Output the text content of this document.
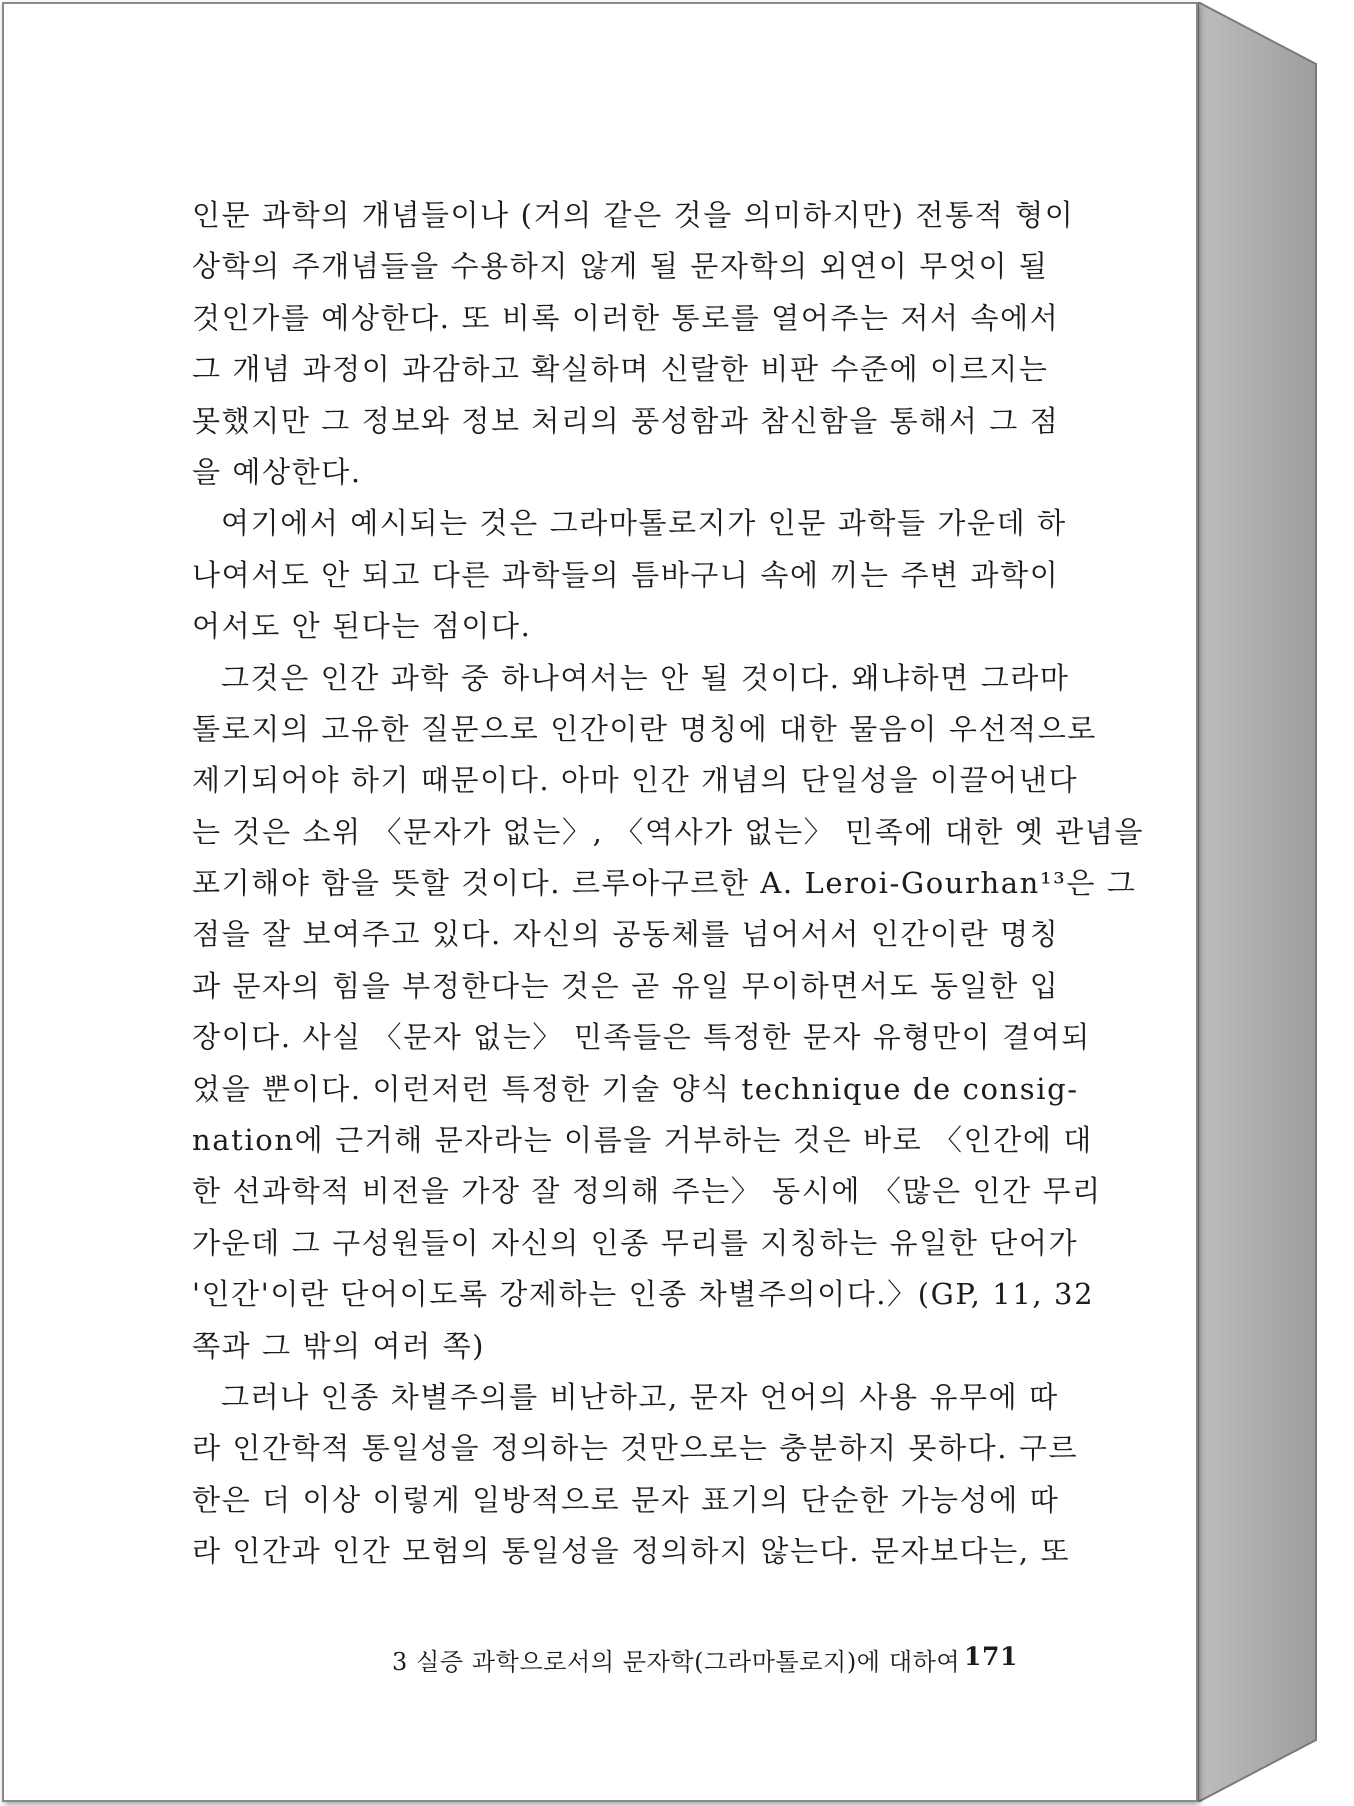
인문 과학의 개념들이나 (거의 같은 것을 의미하지만) 전통적 형이
상학의 주개념들을 수용하지 않게 될 문자학의 외연이 무엇이 될
것인가를 예상한다. 또 비록 이러한 통로를 열어주는 저서 속에서
그 개념 과정이 과감하고 확실하며 신랄한 비판 수준에 이르지는
못했지만 그 정보와 정보 처리의 풍성함과 참신함을 통해서 그 점
을 예상한다.
여기에서 예시되는 것은 그라마톨로지가 인문 과학들 가운데 하
나여서도 안 되고 다른 과학들의 틈바구니 속에 끼는 주변 과학이
어서도 안 된다는 점이다.
그것은 인간 과학 중 하나여서는 안 될 것이다. 왜냐하면 그라마
톨로지의 고유한 질문으로 인간이란 명칭에 대한 물음이 우선적으로
제기되어야 하기 때문이다. 아마 인간 개념의 단일성을 이끌어낸다
는 것은 소위 〈문자가 없는〉, 〈역사가 없는〉 민족에 대한 옛 관념을
포기해야 함을 뜻할 것이다. 르루아구르한 A. Leroi-Gourhan¹³은 그
점을 잘 보여주고 있다. 자신의 공동체를 넘어서서 인간이란 명칭
과 문자의 힘을 부정한다는 것은 곧 유일 무이하면서도 동일한 입
장이다. 사실 〈문자 없는〉 민족들은 특정한 문자 유형만이 결여되
었을 뿐이다. 이런저런 특정한 기술 양식 technique de consig-
nation에 근거해 문자라는 이름을 거부하는 것은 바로 〈인간에 대
한 선과학적 비전을 가장 잘 정의해 주는〉 동시에 〈많은 인간 무리
가운데 그 구성원들이 자신의 인종 무리를 지칭하는 유일한 단어가
'인간'이란 단어이도록 강제하는 인종 차별주의이다.〉(GP, 11, 32
쪽과 그 밖의 여러 쪽)
그러나 인종 차별주의를 비난하고, 문자 언어의 사용 유무에 따
라 인간학적 통일성을 정의하는 것만으로는 충분하지 못하다. 구르
한은 더 이상 이렇게 일방적으로 문자 표기의 단순한 가능성에 따
라 인간과 인간 모험의 통일성을 정의하지 않는다. 문자보다는, 또
3 실증 과학으로서의 문자학(그라마톨로지)에 대하여 171
